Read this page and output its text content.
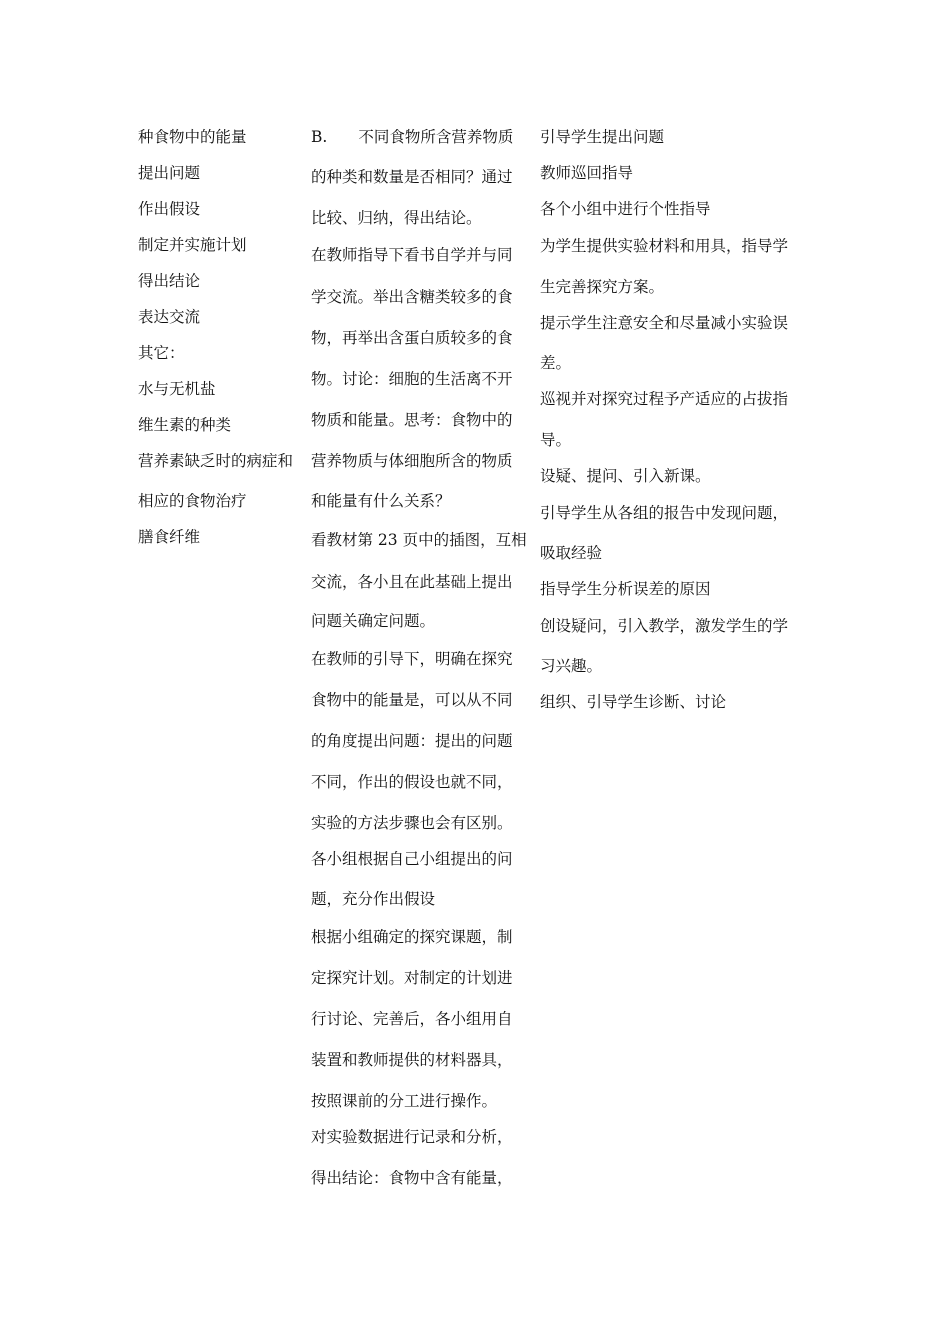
种食物中的能量
提出问题
作出假设
制定并实施计划
得出结论
表达交流
其它：
水与无机盐
维生素的种类
营养素缺乏时的病症和
相应的食物治疗
膳食纤维
B.　　不同食物所含营养物质
的种类和数量是否相同？通过
比较、归纳，得出结论。
在教师指导下看书自学并与同
学交流。举出含糖类较多的食
物，再举出含蛋白质较多的食
物。讨论：细胞的生活离不开
物质和能量。思考：食物中的
营养物质与体细胞所含的物质
和能量有什么关系？
看教材第 23 页中的插图，互相
交流，各小且在此基础上提出
问题关确定问题。
在教师的引导下，明确在探究
食物中的能量是，可以从不同
的角度提出问题：提出的问题
不同，作出的假设也就不同，
实验的方法步骤也会有区别。
各小组根据自己小组提出的问
题，充分作出假设
根据小组确定的探究课题，制
定探究计划。对制定的计划进
行讨论、完善后，各小组用自
装置和教师提供的材料器具，
按照课前的分工进行操作。
对实验数据进行记录和分析，
得出结论：食物中含有能量，
引导学生提出问题
教师巡回指导
各个小组中进行个性指导
为学生提供实验材料和用具，指导学
生完善探究方案。
提示学生注意安全和尽量减小实验误
差。
巡视并对探究过程予产适应的占拔指
导。
设疑、提问、引入新课。
引导学生从各组的报告中发现问题，
吸取经验
指导学生分析误差的原因
创设疑问，引入教学，激发学生的学
习兴趣。
组织、引导学生诊断、讨论
